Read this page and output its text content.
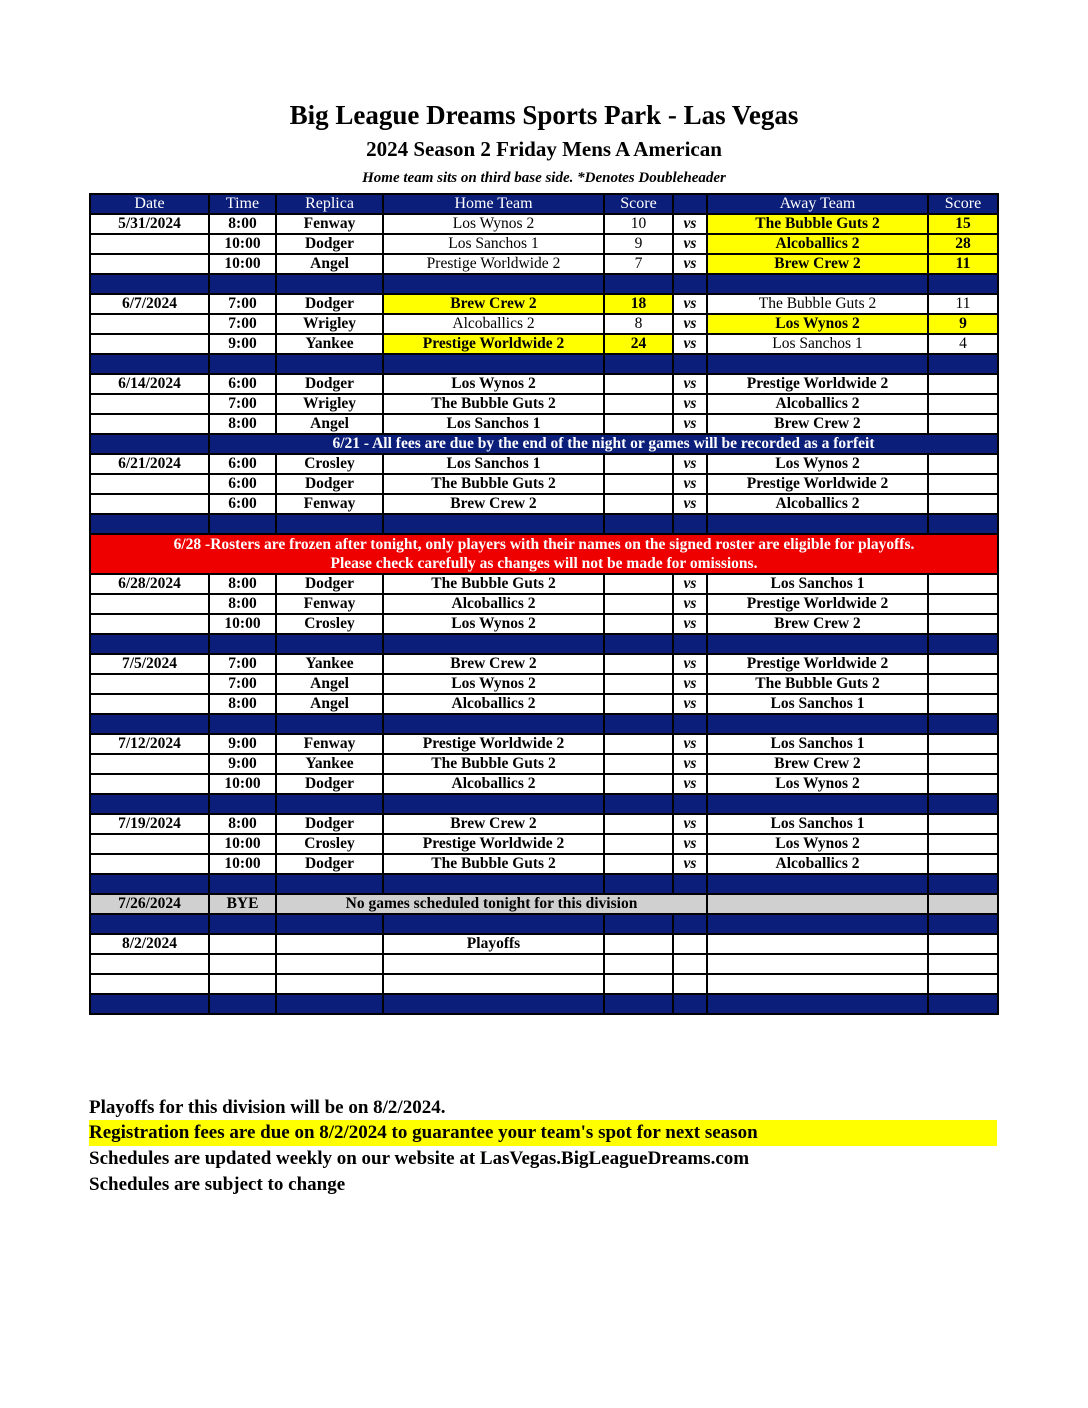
Big League Dreams Sports Park - Las Vegas
2024 Season 2 Friday Mens A American
Home team sits on third base side. *Denotes Doubleheader
Date	Time	Replica	Home Team	Score		Away Team	Score
5/31/2024	8:00	Fenway	Los Wynos 2	10	vs	The Bubble Guts 2	15
	10:00	Dodger	Los Sanchos 1	9	vs	Alcoballics 2	28
	10:00	Angel	Prestige Worldwide 2	7	vs	Brew Crew 2	11

6/7/2024	7:00	Dodger	Brew Crew 2	18	vs	The Bubble Guts 2	11
	7:00	Wrigley	Alcoballics 2	8	vs	Los Wynos 2	9
	9:00	Yankee	Prestige Worldwide 2	24	vs	Los Sanchos 1	4

6/14/2024	6:00	Dodger	Los Wynos 2		vs	Prestige Worldwide 2	
	7:00	Wrigley	The Bubble Guts 2		vs	Alcoballics 2	
	8:00	Angel	Los Sanchos 1		vs	Brew Crew 2	
	6/21 - All fees are due by the end of the night or games will be recorded as a forfeit						
6/21/2024	6:00	Crosley	Los Sanchos 1		vs	Los Wynos 2	
	6:00	Dodger	The Bubble Guts 2		vs	Prestige Worldwide 2	
	6:00	Fenway	Brew Crew 2		vs	Alcoballics 2	

6/28 -Rosters are frozen after tonight, only players with their names on the signed roster are eligible for playoffs.
Please check carefully as changes will not be made for omissions.							
6/28/2024	8:00	Dodger	The Bubble Guts 2		vs	Los Sanchos 1	
	8:00	Fenway	Alcoballics 2		vs	Prestige Worldwide 2	
	10:00	Crosley	Los Wynos 2		vs	Brew Crew 2	

7/5/2024	7:00	Yankee	Brew Crew 2		vs	Prestige Worldwide 2	
	7:00	Angel	Los Wynos 2		vs	The Bubble Guts 2	
	8:00	Angel	Alcoballics 2		vs	Los Sanchos 1	

7/12/2024	9:00	Fenway	Prestige Worldwide 2		vs	Los Sanchos 1	
	9:00	Yankee	The Bubble Guts 2		vs	Brew Crew 2	
	10:00	Dodger	Alcoballics 2		vs	Los Wynos 2	

7/19/2024	8:00	Dodger	Brew Crew 2		vs	Los Sanchos 1	
	10:00	Crosley	Prestige Worldwide 2		vs	Los Wynos 2	
	10:00	Dodger	The Bubble Guts 2		vs	Alcoballics 2	

7/26/2024	BYE	No games scheduled tonight for this division					

8/2/2024			Playoffs				

Playoffs for this division will be on 8/2/2024.
Registration fees are due on 8/2/2024 to guarantee your team's spot for next season
Schedules are updated weekly on our website at LasVegas.BigLeagueDreams.com
Schedules are subject to change
